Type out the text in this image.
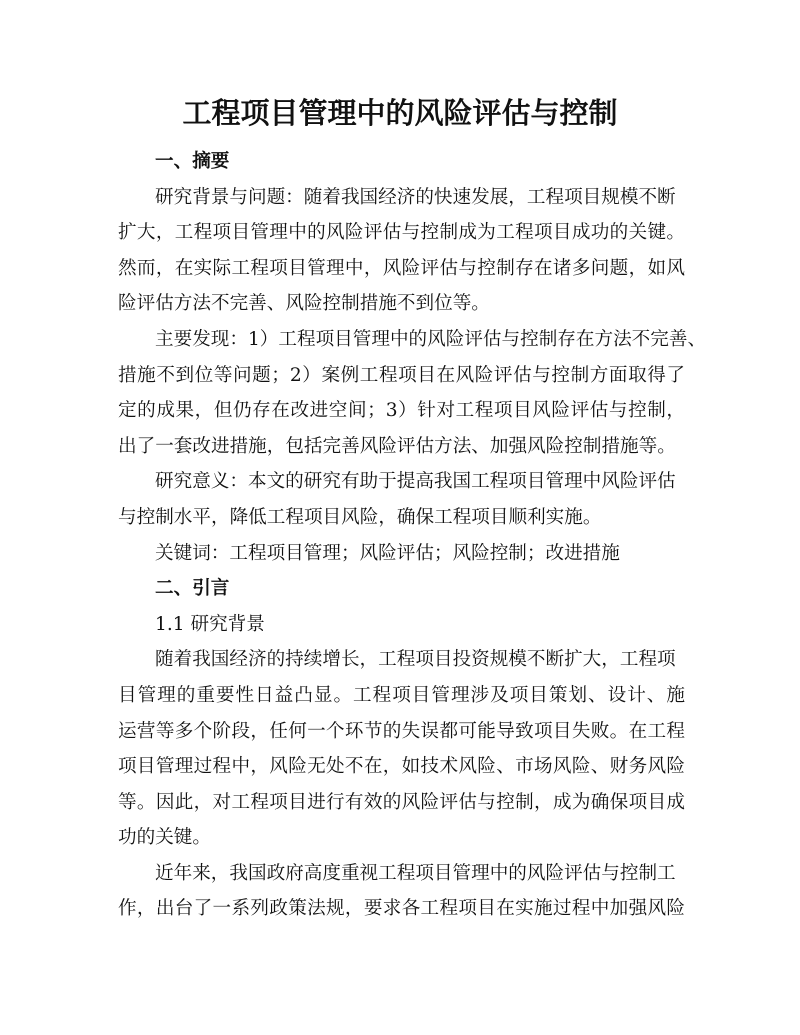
工程项目管理中的风险评估与控制
一、摘要
研究背景与问题：随着我国经济的快速发展，工程项目规模不断
扩大，工程项目管理中的风险评估与控制成为工程项目成功的关键。
然而，在实际工程项目管理中，风险评估与控制存在诸多问题，如风
险评估方法不完善、风险控制措施不到位等。
主要发现：1）工程项目管理中的风险评估与控制存在方法不完善、
措施不到位等问题；2）案例工程项目在风险评估与控制方面取得了
定的成果，但仍存在改进空间；3）针对工程项目风险评估与控制，
出了一套改进措施，包括完善风险评估方法、加强风险控制措施等。
研究意义：本文的研究有助于提高我国工程项目管理中风险评估
与控制水平，降低工程项目风险，确保工程项目顺利实施。
关键词：工程项目管理；风险评估；风险控制；改进措施
二、引言
1.1 研究背景
随着我国经济的持续增长，工程项目投资规模不断扩大，工程项
目管理的重要性日益凸显。工程项目管理涉及项目策划、设计、施
运营等多个阶段，任何一个环节的失误都可能导致项目失败。在工程
项目管理过程中，风险无处不在，如技术风险、市场风险、财务风险
等。因此，对工程项目进行有效的风险评估与控制，成为确保项目成
功的关键。
近年来，我国政府高度重视工程项目管理中的风险评估与控制工
作，出台了一系列政策法规，要求各工程项目在实施过程中加强风险
